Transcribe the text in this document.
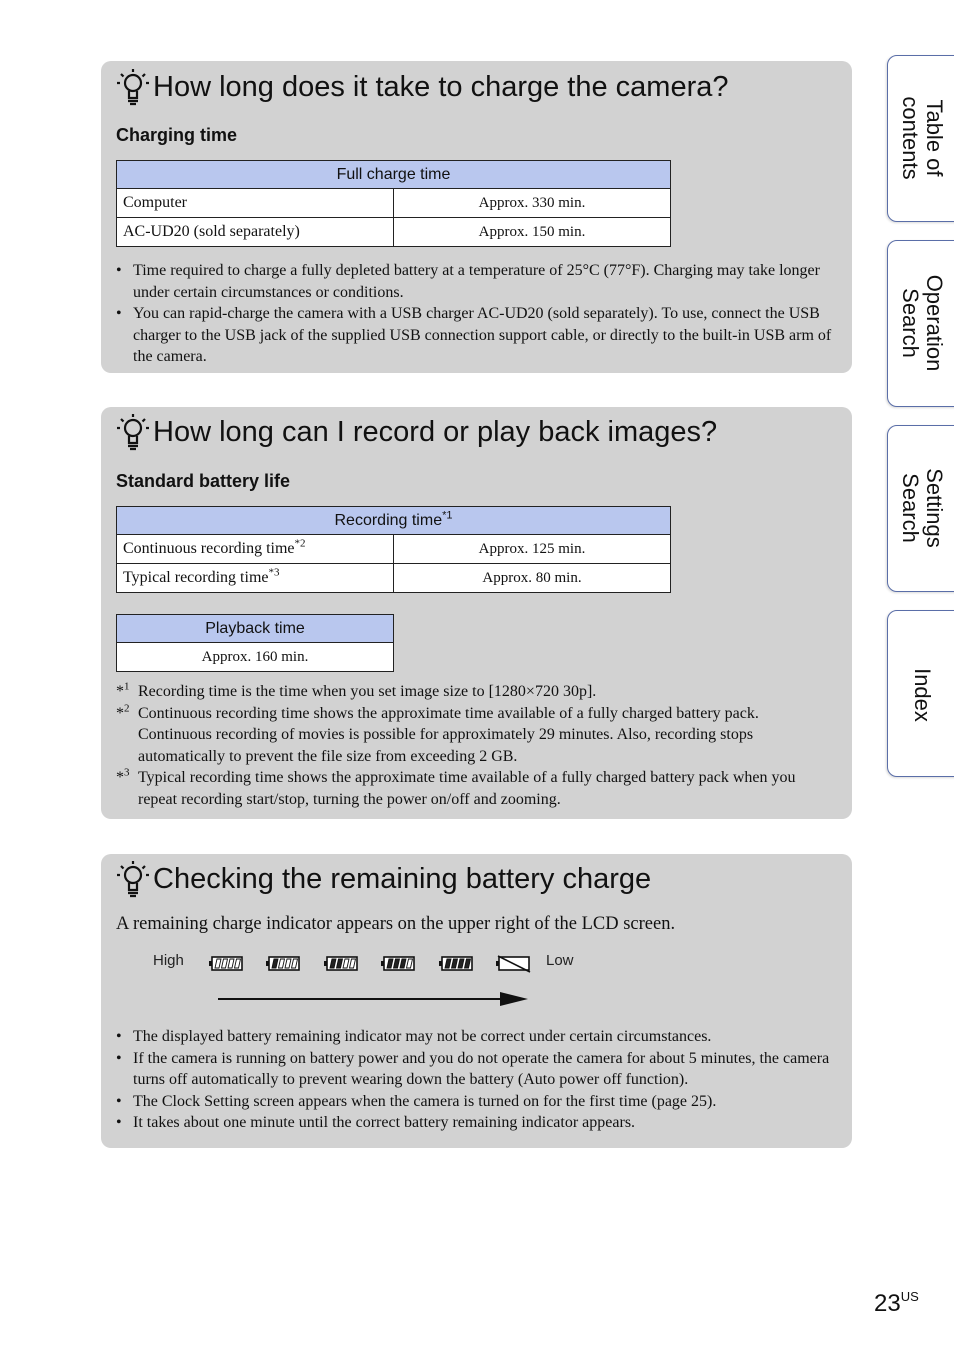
How long does it take to charge the camera?
Charging time
Full charge time	
Computer	Approx. 330 min.
AC-UD20 (sold separately)	Approx. 150 min.
• Time required to charge a fully depleted battery at a temperature of 25°C (77°F). Charging may take longer under certain circumstances or conditions.
• You can rapid-charge the camera with a USB charger AC-UD20 (sold separately). To use, connect the USB charger to the USB jack of the supplied USB connection support cable, or directly to the built-in USB arm of the camera.
How long can I record or play back images?
Standard battery life
Recording time$^{*1}$
Continuous recording time$^{*2}$	Approx. 125 min.
Typical recording time$^{*3}$	Approx. 80 min.
Playback time
Approx. 160 min.
*$^1$ Recording time is the time when you set image size to [1280×720 30p].
*$^2$ Continuous recording time shows the approximate time available of a fully charged battery pack. Continuous recording of movies is possible for approximately 29 minutes. Also, recording stops automatically to prevent the file size from exceeding 2 GB.
*$^3$ Typical recording time shows the approximate time available of a fully charged battery pack when you repeat recording start/stop, turning the power on/off and zooming.
Checking the remaining battery charge
A remaining charge indicator appears on the upper right of the LCD screen.
High	Low
• The displayed battery remaining indicator may not be correct under certain circumstances.
• If the camera is running on battery power and you do not operate the camera for about 5 minutes, the camera turns off automatically to prevent wearing down the battery (Auto power off function).
• The Clock Setting screen appears when the camera is turned on for the first time (page 25).
• It takes about one minute until the correct battery remaining indicator appears.
Table of
contents
Operation
Search
Settings
Search
Index
$23^{US}$
